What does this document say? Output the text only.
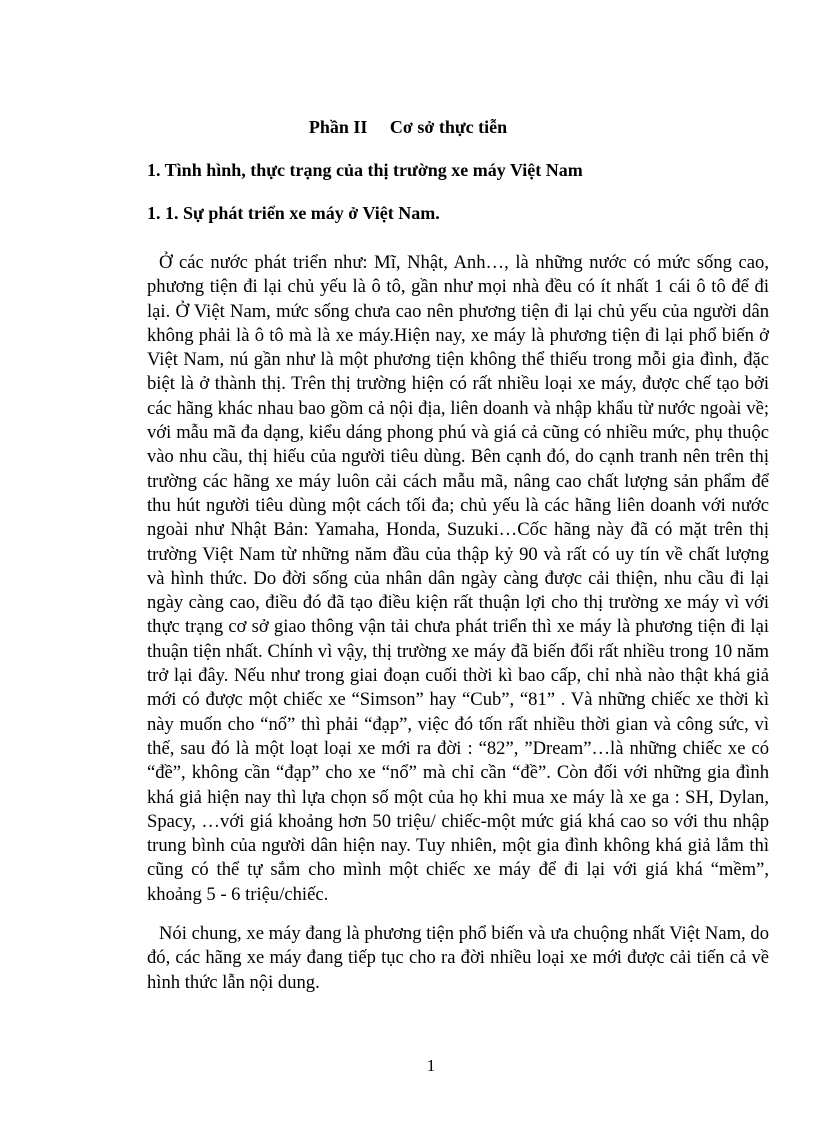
Phần II     Cơ sở thực tiễn
1. Tình hình, thực trạng của thị trường xe máy Việt Nam
1. 1. Sự phát triển xe máy ở Việt Nam.

Ở các nước phát triển như: Mĩ, Nhật, Anh…, là những nước có mức sống cao, phương tiện đi lại chủ yếu là ô tô, gần như mọi nhà đều có ít nhất 1 cái ô tô để đi lại. Ở Việt Nam, mức sống chưa cao nên phương tiện đi lại chủ yếu của người dân không phải là ô tô mà là xe máy.Hiện nay, xe máy là phương tiện đi lại phổ biến ở Việt Nam, nú gần như là một phương tiện không thể thiếu trong mỗi gia đình, đặc biệt là ở thành thị. Trên thị trường hiện có rất nhiều loại xe máy, được chế tạo bởi các hãng khác nhau bao gồm cả nội địa, liên doanh và nhập khẩu từ nước ngoài về; với mẫu mã đa dạng, kiểu dáng phong phú và giá cả cũng có nhiều mức, phụ thuộc vào nhu cầu, thị hiếu của người tiêu dùng. Bên cạnh đó, do cạnh tranh nên trên thị trường các hãng xe máy luôn cải cách mẫu mã, nâng cao chất lượng sản phẩm để thu hút người tiêu dùng một cách tối đa; chủ yếu là các hãng liên doanh với nước ngoài như Nhật Bản: Yamaha, Honda, Suzuki…Cốc hãng này đã có mặt trên thị trường Việt Nam từ những năm đầu của thập kỷ 90 và rất có uy tín về chất lượng và hình thức. Do đời sống của nhân dân ngày càng được cải thiện, nhu cầu đi lại ngày càng cao, điều đó đã tạo điều kiện rất thuận lợi cho thị trường xe máy vì với thực trạng cơ sở giao thông vận tải chưa phát triển thì xe máy là phương tiện đi lại thuận tiện nhất. Chính vì vậy, thị trường xe máy đã biến đổi rất nhiều trong 10 năm trở lại đây. Nếu như trong giai đoạn cuối thời kì bao cấp, chỉ nhà nào thật khá giả mới có được một chiếc xe “Simson” hay “Cub”, “81” . Và những chiếc xe thời kì này muốn cho “nổ” thì phải “đạp”, việc đó tốn rất nhiều thời gian và công sức, vì thế, sau đó là một loạt loại xe mới ra đời : “82”, ”Dream”…là những chiếc xe có “đề”, không cần “đạp” cho xe “nổ” mà chỉ cần “đề”. Còn đối với những gia đình khá giả hiện nay thì lựa chọn số một của họ khi mua xe máy là xe ga : SH, Dylan, Spacy, …với giá khoảng hơn 50 triệu/ chiếc-một mức giá khá cao so với thu nhập trung bình của người dân hiện nay. Tuy nhiên, một gia đình không khá giả lắm thì cũng có thể tự sắm cho mình một chiếc xe máy để đi lại với giá khá “mềm”, khoảng 5 - 6 triệu/chiếc.

Nói chung, xe máy đang là phương tiện phổ biến và ưa chuộng nhất Việt Nam, do đó, các hãng xe máy đang tiếp tục cho ra đời nhiều loại xe mới được cải tiến cả về hình thức lẫn nội dung.

1
